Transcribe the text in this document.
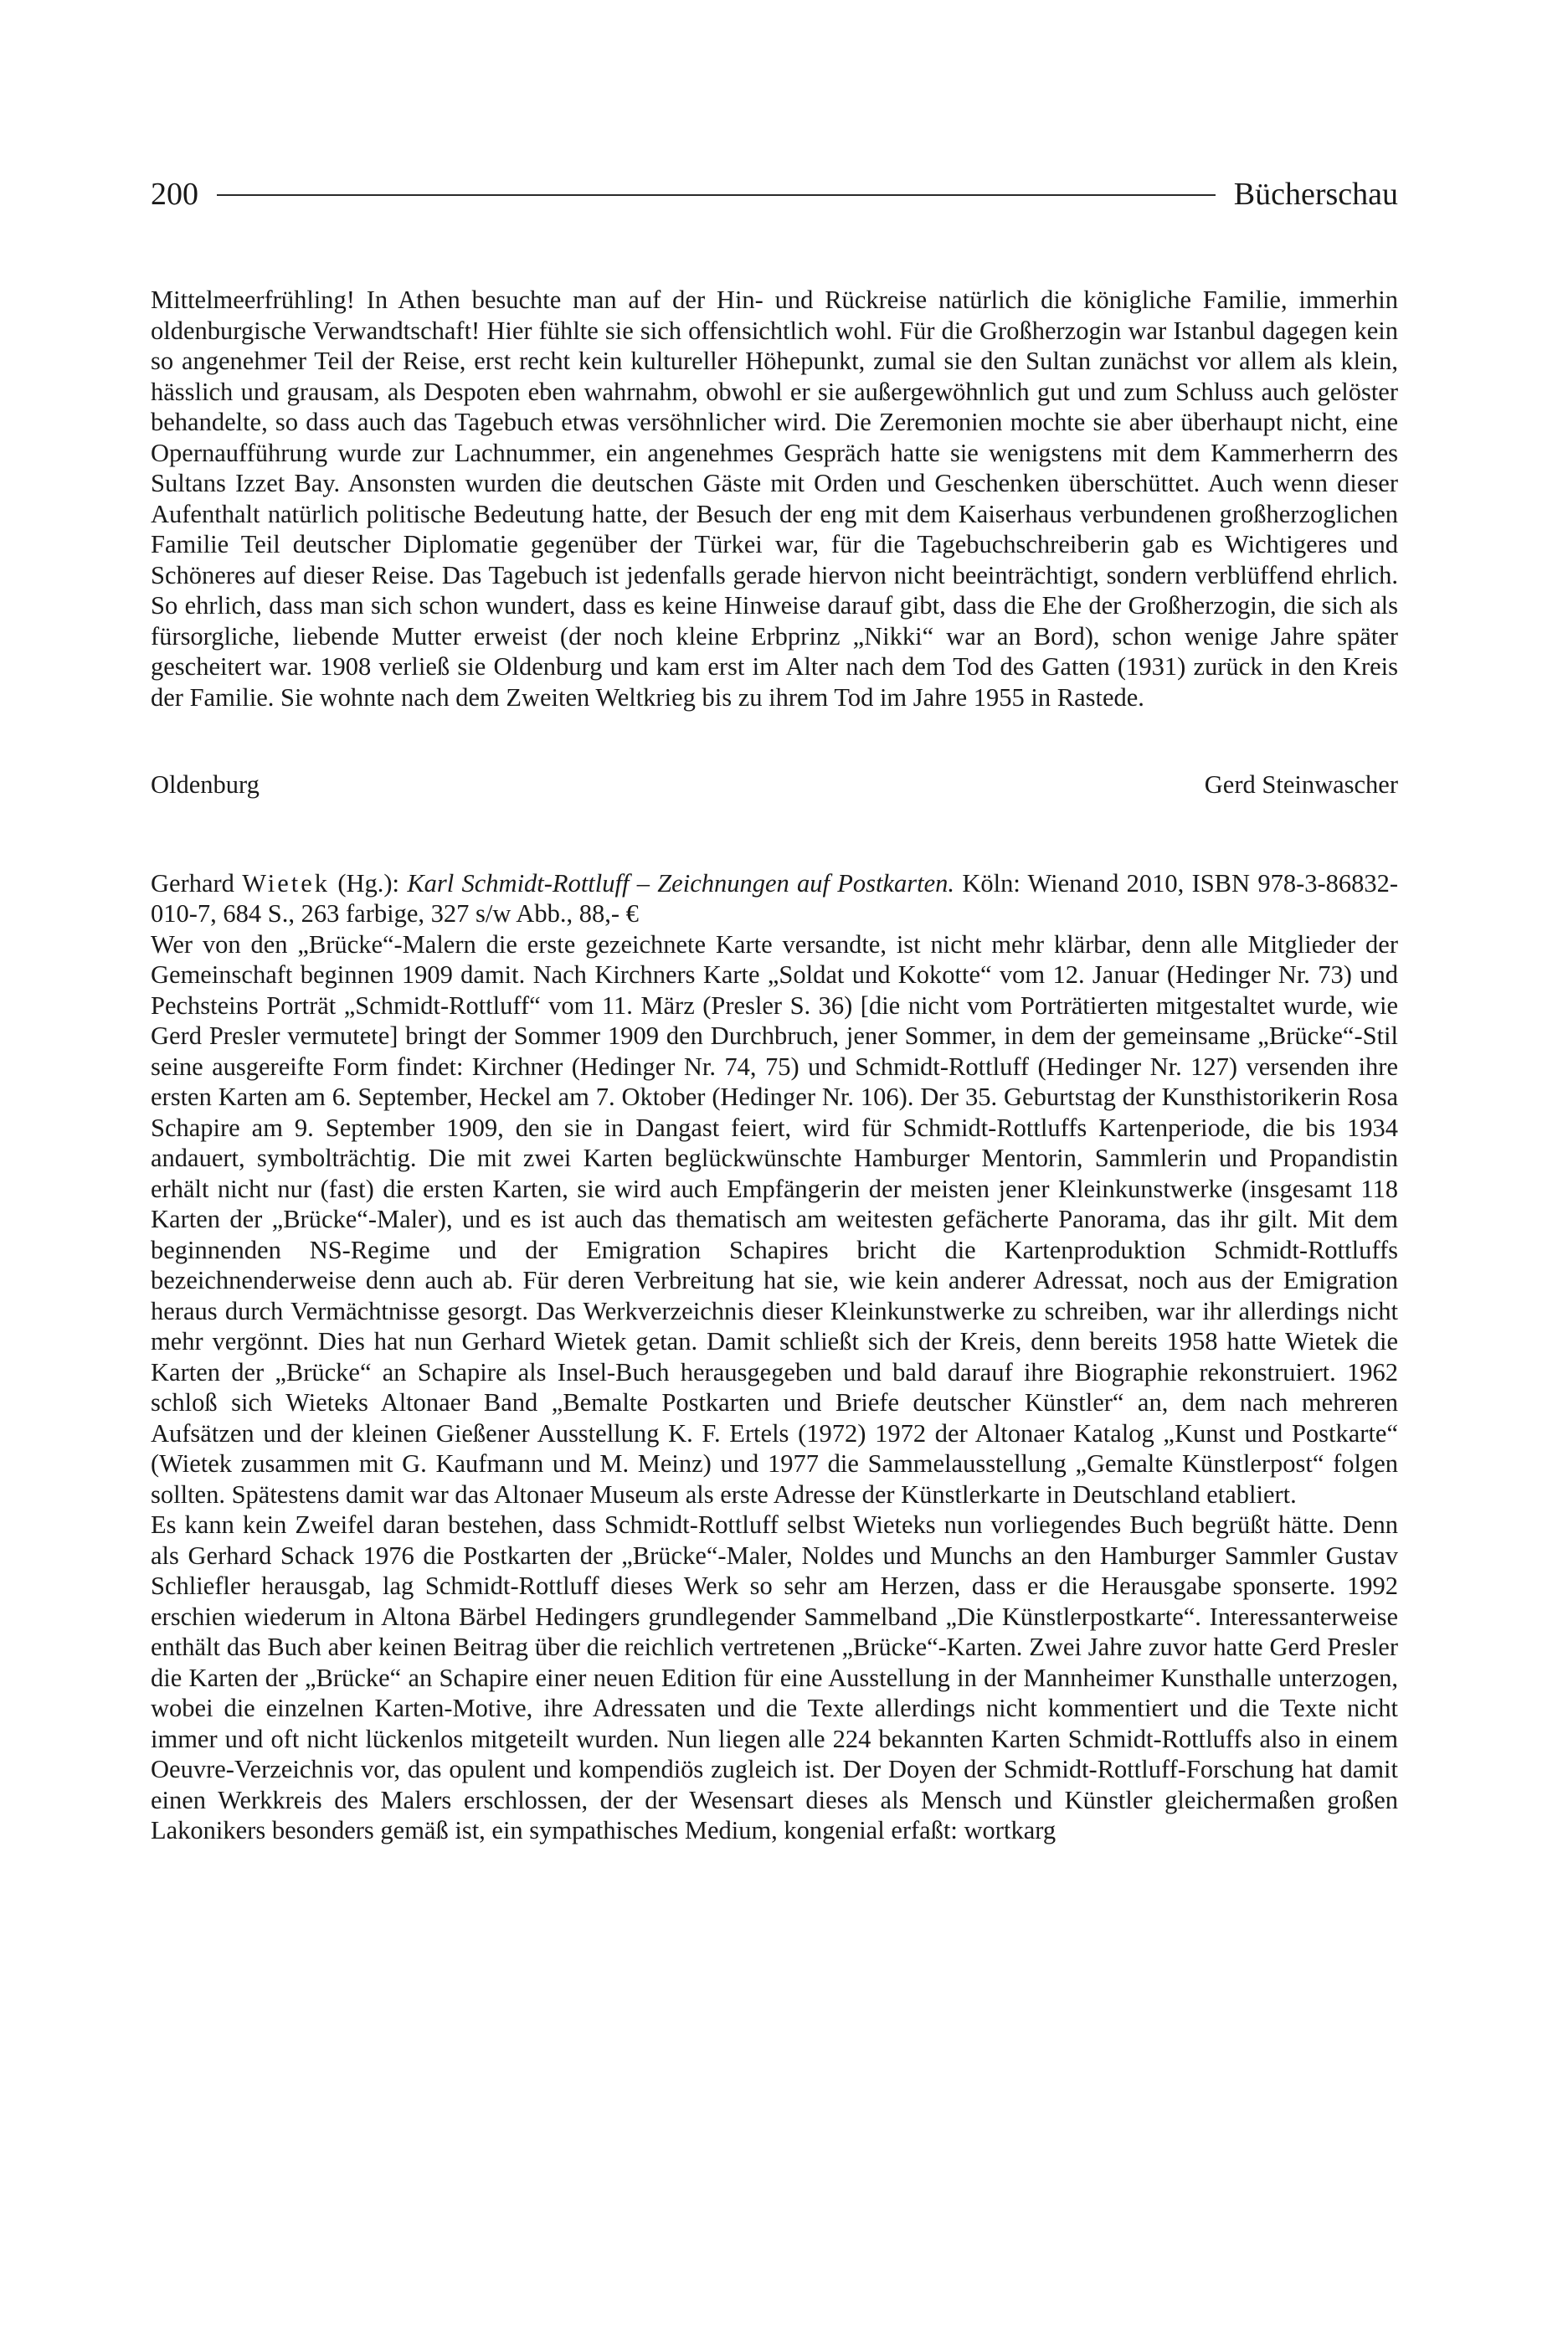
200	Bücherschau

Mittelmeerfrühling! In Athen besuchte man auf der Hin- und Rückreise natürlich die königliche Familie, immerhin oldenburgische Verwandtschaft! Hier fühlte sie sich offensichtlich wohl. Für die Großherzogin war Istanbul dagegen kein so angenehmer Teil der Reise, erst recht kein kultureller Höhepunkt, zumal sie den Sultan zunächst vor allem als klein, hässlich und grausam, als Despoten eben wahrnahm, obwohl er sie außergewöhnlich gut und zum Schluss auch gelöster behandelte, so dass auch das Tagebuch etwas versöhnlicher wird. Die Zeremonien mochte sie aber überhaupt nicht, eine Opernaufführung wurde zur Lachnummer, ein angenehmes Gespräch hatte sie wenigstens mit dem Kammerherrn des Sultans Izzet Bay. Ansonsten wurden die deutschen Gäste mit Orden und Geschenken überschüttet. Auch wenn dieser Aufenthalt natürlich politische Bedeutung hatte, der Besuch der eng mit dem Kaiserhaus verbundenen großherzoglichen Familie Teil deutscher Diplomatie gegenüber der Türkei war, für die Tagebuchschreiberin gab es Wichtigeres und Schöneres auf dieser Reise. Das Tagebuch ist jedenfalls gerade hiervon nicht beeinträchtigt, sondern verblüffend ehrlich. So ehrlich, dass man sich schon wundert, dass es keine Hinweise darauf gibt, dass die Ehe der Großherzogin, die sich als fürsorgliche, liebende Mutter erweist (der noch kleine Erbprinz „Nikki“ war an Bord), schon wenige Jahre später gescheitert war. 1908 verließ sie Oldenburg und kam erst im Alter nach dem Tod des Gatten (1931) zurück in den Kreis der Familie. Sie wohnte nach dem Zweiten Weltkrieg bis zu ihrem Tod im Jahre 1955 in Rastede.

Oldenburg	Gerd Steinwascher

Gerhard Wietek (Hg.): Karl Schmidt-Rottluff – Zeichnungen auf Postkarten. Köln: Wienand 2010, ISBN 978-3-86832-010-7, 684 S., 263 farbige, 327 s/w Abb., 88,- €

Wer von den „Brücke“-Malern die erste gezeichnete Karte versandte, ist nicht mehr klärbar, denn alle Mitglieder der Gemeinschaft beginnen 1909 damit. Nach Kirchners Karte „Soldat und Kokotte“ vom 12. Januar (Hedinger Nr. 73) und Pechsteins Porträt „Schmidt-Rottluff“ vom 11. März (Presler S. 36) [die nicht vom Porträtierten mitgestaltet wurde, wie Gerd Presler vermutete] bringt der Sommer 1909 den Durchbruch, jener Sommer, in dem der gemeinsame „Brücke“-Stil seine ausgereifte Form findet: Kirchner (Hedinger Nr. 74, 75) und Schmidt-Rottluff (Hedinger Nr. 127) versenden ihre ersten Karten am 6. September, Heckel am 7. Oktober (Hedinger Nr. 106). Der 35. Geburtstag der Kunsthistorikerin Rosa Schapire am 9. September 1909, den sie in Dangast feiert, wird für Schmidt-Rottluffs Kartenperiode, die bis 1934 andauert, symbolträchtig. Die mit zwei Karten beglückwünschte Hamburger Mentorin, Sammlerin und Propandistin erhält nicht nur (fast) die ersten Karten, sie wird auch Empfängerin der meisten jener Kleinkunstwerke (insgesamt 118 Karten der „Brücke“-Maler), und es ist auch das thematisch am weitesten gefächerte Panorama, das ihr gilt. Mit dem beginnenden NS-Regime und der Emigration Schapires bricht die Kartenproduktion Schmidt-Rottluffs bezeichnenderweise denn auch ab. Für deren Verbreitung hat sie, wie kein anderer Adressat, noch aus der Emigration heraus durch Vermächtnisse gesorgt. Das Werkverzeichnis dieser Kleinkunstwerke zu schreiben, war ihr allerdings nicht mehr vergönnt. Dies hat nun Gerhard Wietek getan. Damit schließt sich der Kreis, denn bereits 1958 hatte Wietek die Karten der „Brücke“ an Schapire als Insel-Buch herausgegeben und bald darauf ihre Biographie rekonstruiert. 1962 schloß sich Wieteks Altonaer Band „Bemalte Postkarten und Briefe deutscher Künstler“ an, dem nach mehreren Aufsätzen und der kleinen Gießener Ausstellung K. F. Ertels (1972) 1972 der Altonaer Katalog „Kunst und Postkarte“ (Wietek zusammen mit G. Kaufmann und M. Meinz) und 1977 die Sammelausstellung „Gemalte Künstlerpost“ folgen sollten. Spätestens damit war das Altonaer Museum als erste Adresse der Künstlerkarte in Deutschland etabliert.

Es kann kein Zweifel daran bestehen, dass Schmidt-Rottluff selbst Wieteks nun vorliegendes Buch begrüßt hätte. Denn als Gerhard Schack 1976 die Postkarten der „Brücke“-Maler, Noldes und Munchs an den Hamburger Sammler Gustav Schliefler herausgab, lag Schmidt-Rottluff dieses Werk so sehr am Herzen, dass er die Herausgabe sponserte. 1992 erschien wiederum in Altona Bärbel Hedingers grundlegender Sammelband „Die Künstlerpostkarte“. Interessanterweise enthält das Buch aber keinen Beitrag über die reichlich vertretenen „Brücke“-Karten. Zwei Jahre zuvor hatte Gerd Presler die Karten der „Brücke“ an Schapire einer neuen Edition für eine Ausstellung in der Mannheimer Kunsthalle unterzogen, wobei die einzelnen Karten-Motive, ihre Adressaten und die Texte allerdings nicht kommentiert und die Texte nicht immer und oft nicht lückenlos mitgeteilt wurden. Nun liegen alle 224 bekannten Karten Schmidt-Rottluffs also in einem Oeuvre-Verzeichnis vor, das opulent und kompendiös zugleich ist. Der Doyen der Schmidt-Rottluff-Forschung hat damit einen Werkkreis des Malers erschlossen, der der Wesensart dieses als Mensch und Künstler gleichermaßen großen Lakonikers besonders gemäß ist, ein sympathisches Medium, kongenial erfaßt: wortkarg
